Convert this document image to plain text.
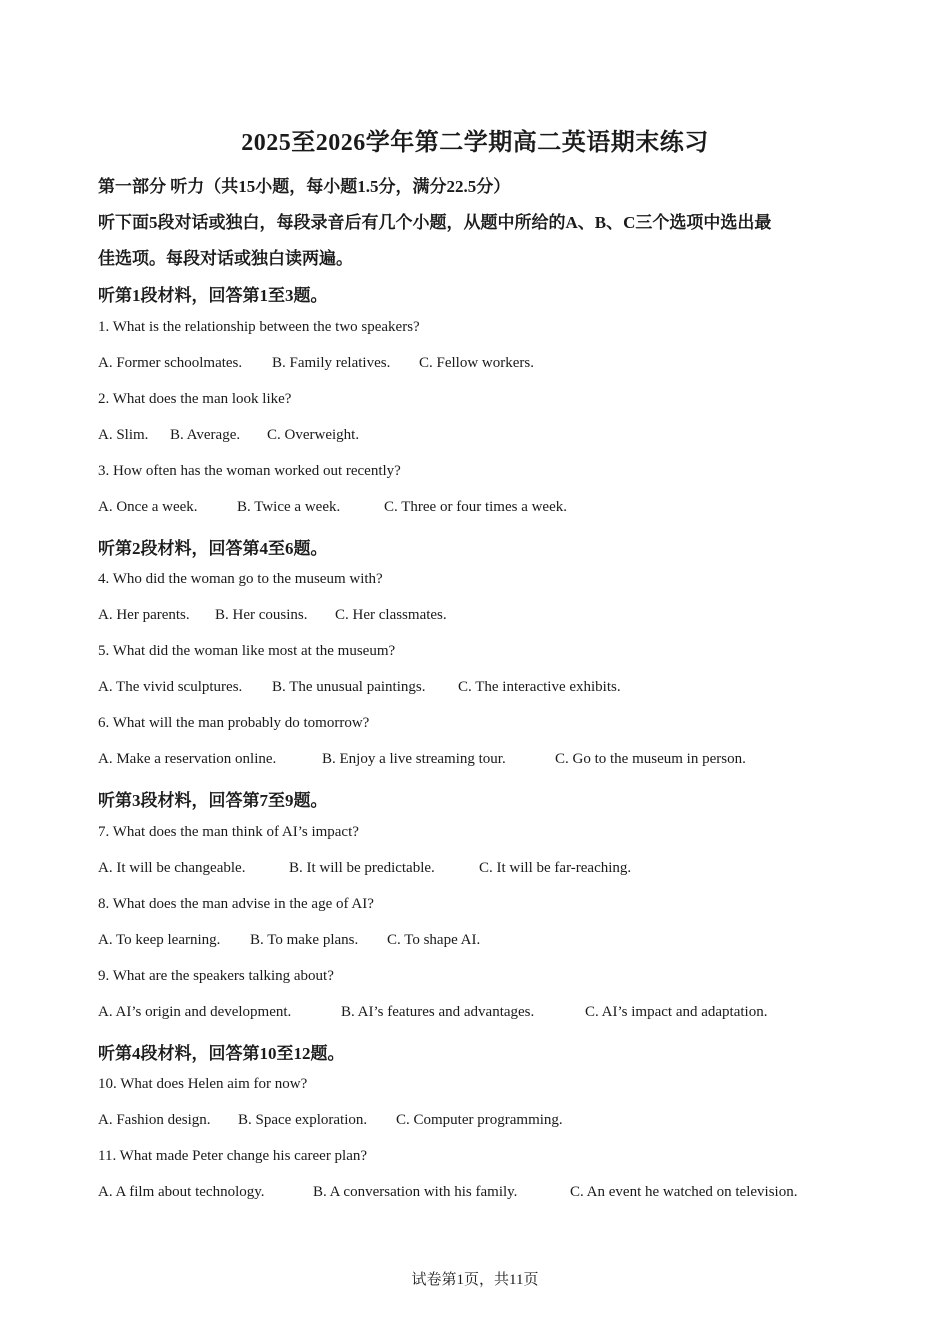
2025至2026学年第二学期高二英语期末练习
第一部分 听力（共15小题，每小题1.5分，满分22.5分）
听下面5段对话或独白，每段录音后有几个小题，从题中所给的A、B、C三个选项中选出最
佳选项。每段对话或独白读两遍。
听第1段材料，回答第1至3题。
1. What is the relationship between the two speakers?
A. Former schoolmates. B. Family relatives. C. Fellow workers.
2. What does the man look like?
A. Slim. B. Average. C. Overweight.
3. How often has the woman worked out recently?
A. Once a week.	B. Twice a week.	C. Three or four times a week.
听第2段材料，回答第4至6题。
4. Who did the woman go to the museum with?
A. Her parents. B. Her cousins. C. Her classmates.
5. What did the woman like most at the museum?
A. The vivid sculptures. B. The unusual paintings. C. The interactive exhibits.
6. What will the man probably do tomorrow?
A. Make a reservation online.	B. Enjoy a live streaming tour.	C. Go to the museum in person.
听第3段材料，回答第7至9题。
7. What does the man think of AI’s impact?
A. It will be changeable.	B. It will be predictable.	C. It will be far-reaching.
8. What does the man advise in the age of AI?
A. To keep learning. B. To make plans. C. To shape AI.
9. What are the speakers talking about?
A. AI’s origin and development.	B. AI’s features and advantages.	C. AI’s impact and adaptation.
听第4段材料，回答第10至12题。
10. What does Helen aim for now?
A. Fashion design. B. Space exploration. C. Computer programming.
11. What made Peter change his career plan?
A. A film about technology.	B. A conversation with his family.	C. An event he watched on television.
试卷第1页，共11页
